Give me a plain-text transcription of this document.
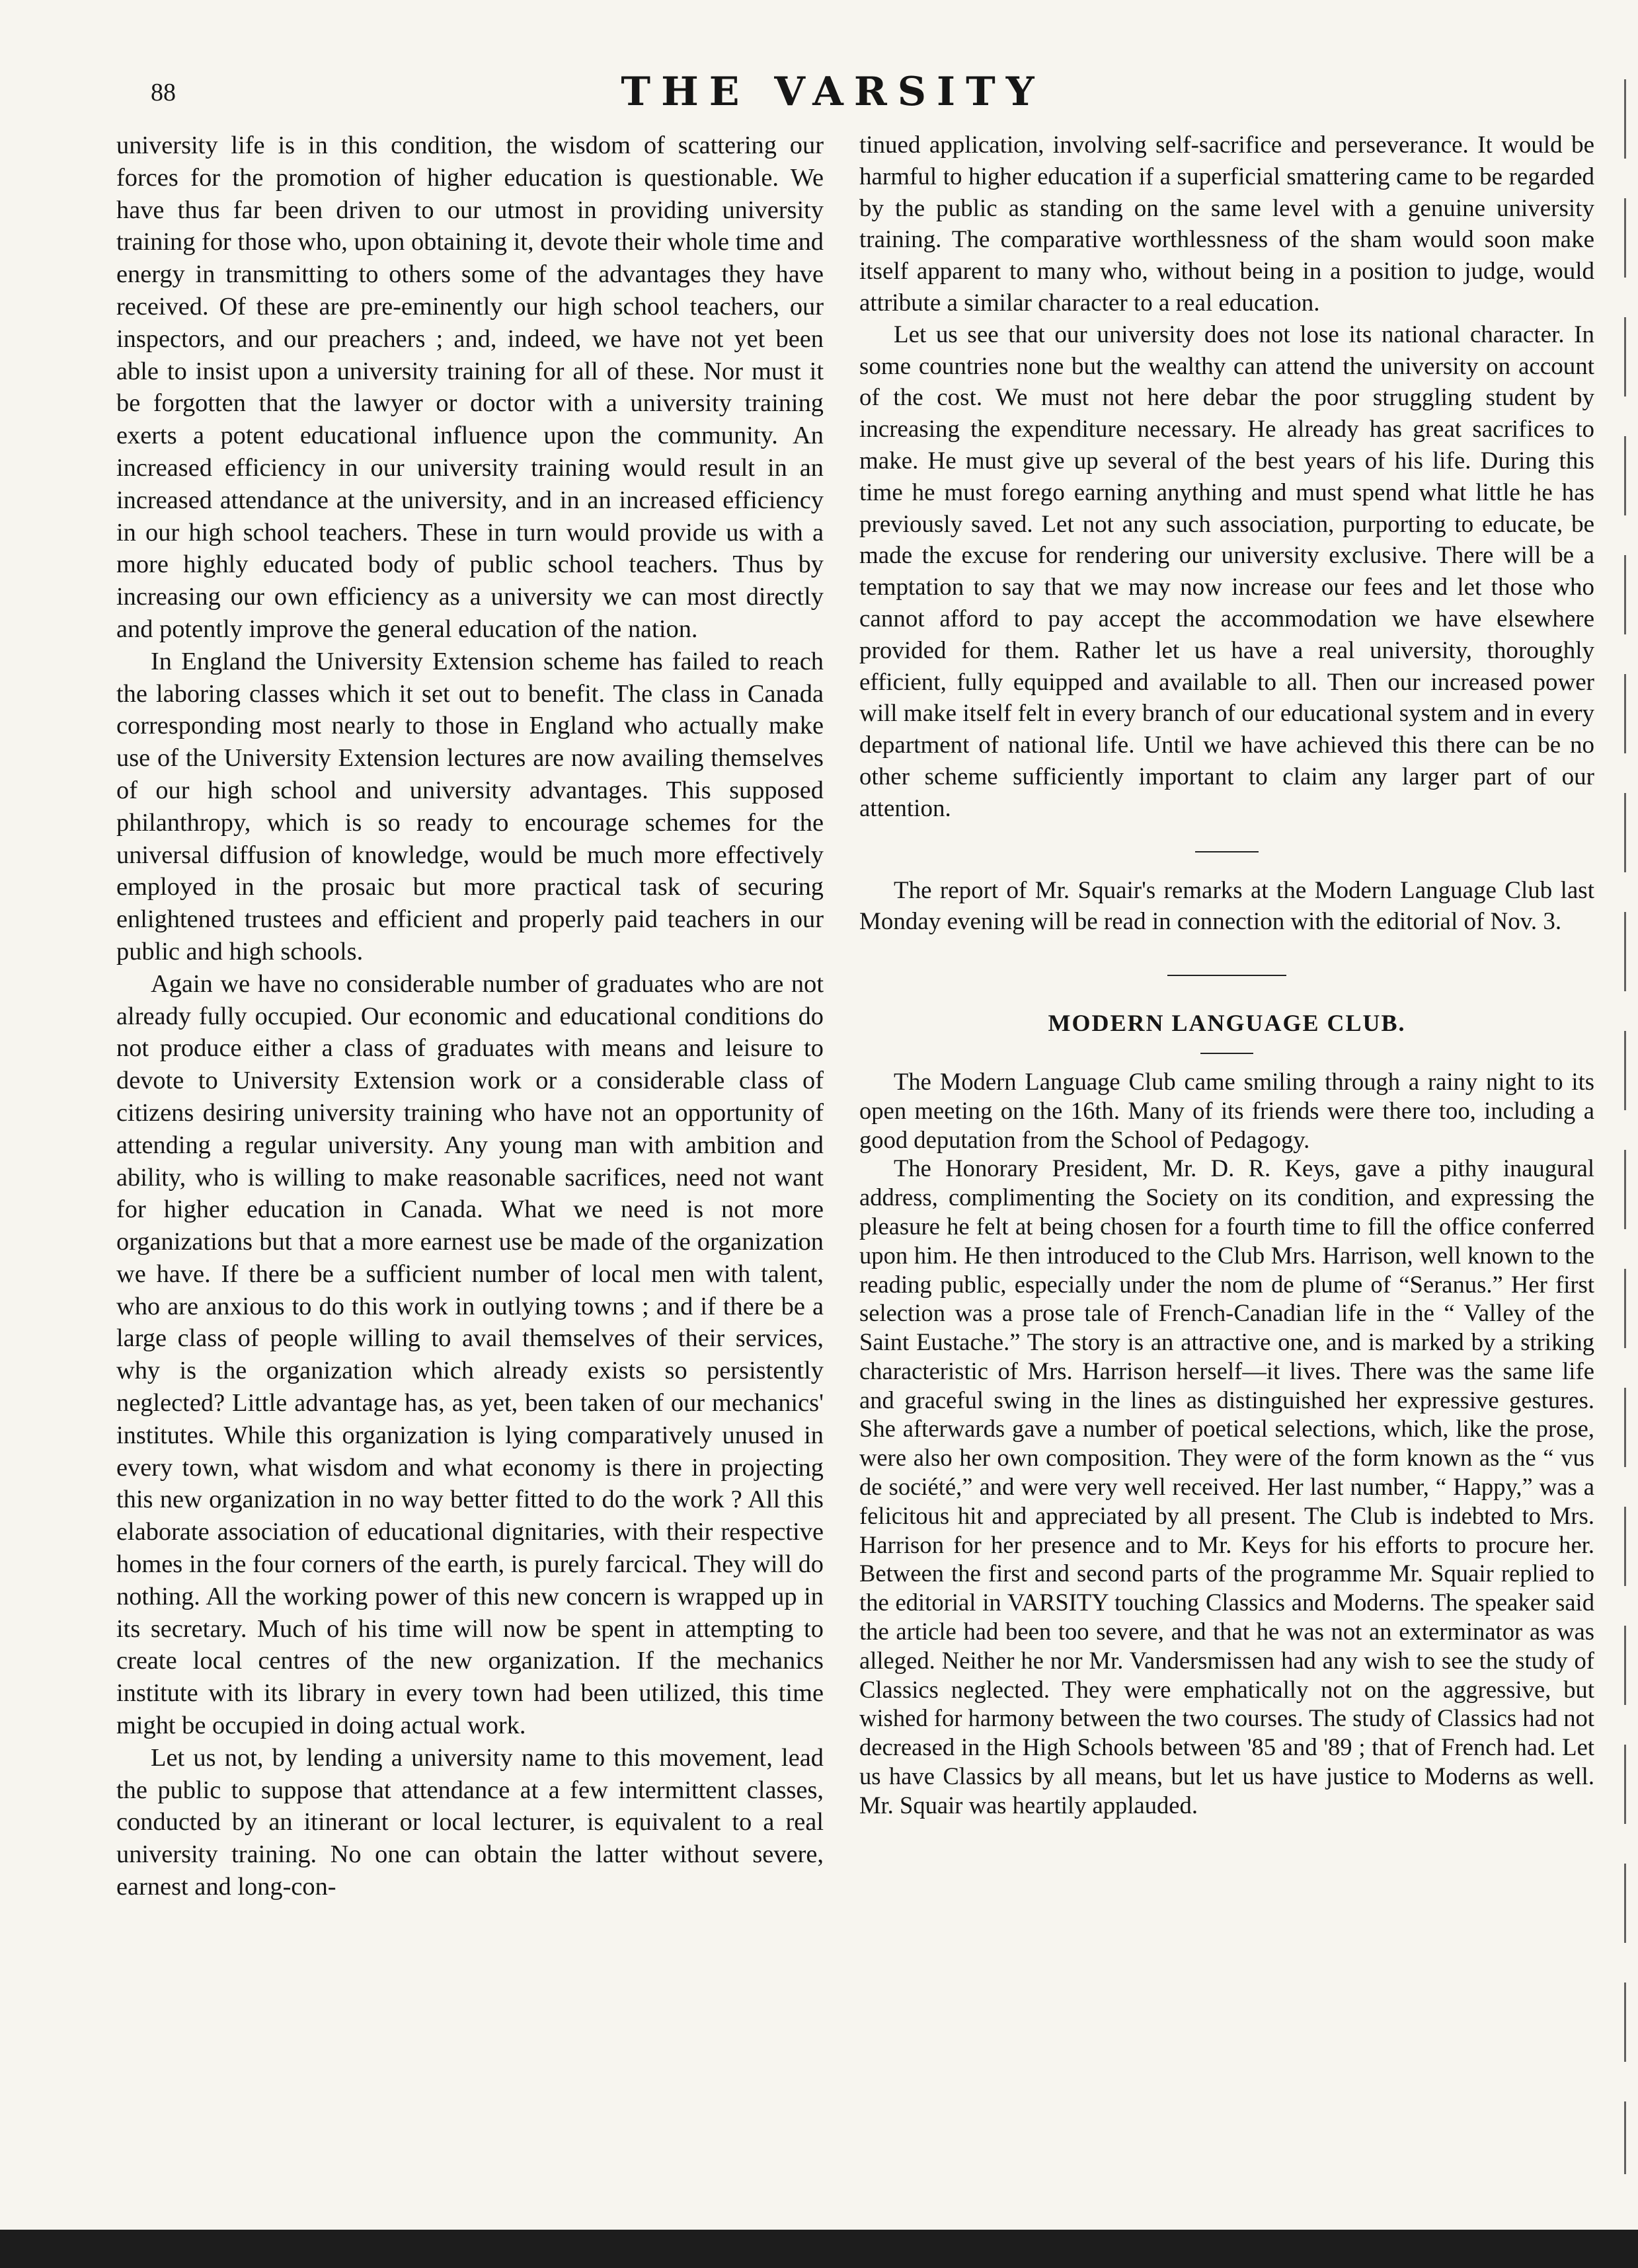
88	THE VARSITY

university life is in this condition, the wisdom of scattering our forces for the promotion of higher education is questionable. We have thus far been driven to our utmost in providing university training for those who, upon obtaining it, devote their whole time and energy in transmitting to others some of the advantages they have received. Of these are pre-eminently our high school teachers, our inspectors, and our preachers ; and, indeed, we have not yet been able to insist upon a university training for all of these. Nor must it be forgotten that the lawyer or doctor with a university training exerts a potent educational influence upon the community. An increased efficiency in our university training would result in an increased attendance at the university, and in an increased efficiency in our high school teachers. These in turn would provide us with a more highly educated body of public school teachers. Thus by increasing our own efficiency as a university we can most directly and potently improve the general education of the nation.

In England the University Extension scheme has failed to reach the laboring classes which it set out to benefit. The class in Canada corresponding most nearly to those in England who actually make use of the University Extension lectures are now availing themselves of our high school and university advantages. This supposed philanthropy, which is so ready to encourage schemes for the universal diffusion of knowledge, would be much more effectively employed in the prosaic but more practical task of securing enlightened trustees and efficient and properly paid teachers in our public and high schools.

Again we have no considerable number of graduates who are not already fully occupied. Our economic and educational conditions do not produce either a class of graduates with means and leisure to devote to University Extension work or a considerable class of citizens desiring university training who have not an opportunity of attending a regular university. Any young man with ambition and ability, who is willing to make reasonable sacrifices, need not want for higher education in Canada. What we need is not more organizations but that a more earnest use be made of the organization we have. If there be a sufficient number of local men with talent, who are anxious to do this work in outlying towns ; and if there be a large class of people willing to avail themselves of their services, why is the organization which already exists so persistently neglected? Little advantage has, as yet, been taken of our mechanics' institutes. While this organization is lying comparatively unused in every town, what wisdom and what economy is there in projecting this new organization in no way better fitted to do the work ? All this elaborate association of educational dignitaries, with their respective homes in the four corners of the earth, is purely farcical. They will do nothing. All the working power of this new concern is wrapped up in its secretary. Much of his time will now be spent in attempting to create local centres of the new organization. If the mechanics institute with its library in every town had been utilized, this time might be occupied in doing actual work.

Let us not, by lending a university name to this movement, lead the public to suppose that attendance at a few intermittent classes, conducted by an itinerant or local lecturer, is equivalent to a real university training. No one can obtain the latter without severe, earnest and long-con-

tinued application, involving self-sacrifice and perseverance. It would be harmful to higher education if a superficial smattering came to be regarded by the public as standing on the same level with a genuine university training. The comparative worthlessness of the sham would soon make itself apparent to many who, without being in a position to judge, would attribute a similar character to a real education.

Let us see that our university does not lose its national character. In some countries none but the wealthy can attend the university on account of the cost. We must not here debar the poor struggling student by increasing the expenditure necessary. He already has great sacrifices to make. He must give up several of the best years of his life. During this time he must forego earning anything and must spend what little he has previously saved. Let not any such association, purporting to educate, be made the excuse for rendering our university exclusive. There will be a temptation to say that we may now increase our fees and let those who cannot afford to pay accept the accommodation we have elsewhere provided for them. Rather let us have a real university, thoroughly efficient, fully equipped and available to all. Then our increased power will make itself felt in every branch of our educational system and in every department of national life. Until we have achieved this there can be no other scheme sufficiently important to claim any larger part of our attention.

The report of Mr. Squair's remarks at the Modern Language Club last Monday evening will be read in connection with the editorial of Nov. 3.

MODERN LANGUAGE CLUB.

The Modern Language Club came smiling through a rainy night to its open meeting on the 16th. Many of its friends were there too, including a good deputation from the School of Pedagogy.

The Honorary President, Mr. D. R. Keys, gave a pithy inaugural address, complimenting the Society on its condition, and expressing the pleasure he felt at being chosen for a fourth time to fill the office conferred upon him. He then introduced to the Club Mrs. Harrison, well known to the reading public, especially under the nom de plume of “Seranus.” Her first selection was a prose tale of French-Canadian life in the “ Valley of the Saint Eustache.” The story is an attractive one, and is marked by a striking characteristic of Mrs. Harrison herself—it lives. There was the same life and graceful swing in the lines as distinguished her expressive gestures. She afterwards gave a number of poetical selections, which, like the prose, were also her own composition. They were of the form known as the “ vus de société,” and were very well received. Her last number, “ Happy,” was a felicitous hit and appreciated by all present. The Club is indebted to Mrs. Harrison for her presence and to Mr. Keys for his efforts to procure her. Between the first and second parts of the programme Mr. Squair replied to the editorial in VARSITY touching Classics and Moderns. The speaker said the article had been too severe, and that he was not an exterminator as was alleged. Neither he nor Mr. Vandersmissen had any wish to see the study of Classics neglected. They were emphatically not on the aggressive, but wished for harmony between the two courses. The study of Classics had not decreased in the High Schools between '85 and '89 ; that of French had. Let us have Classics by all means, but let us have justice to Moderns as well. Mr. Squair was heartily applauded.
